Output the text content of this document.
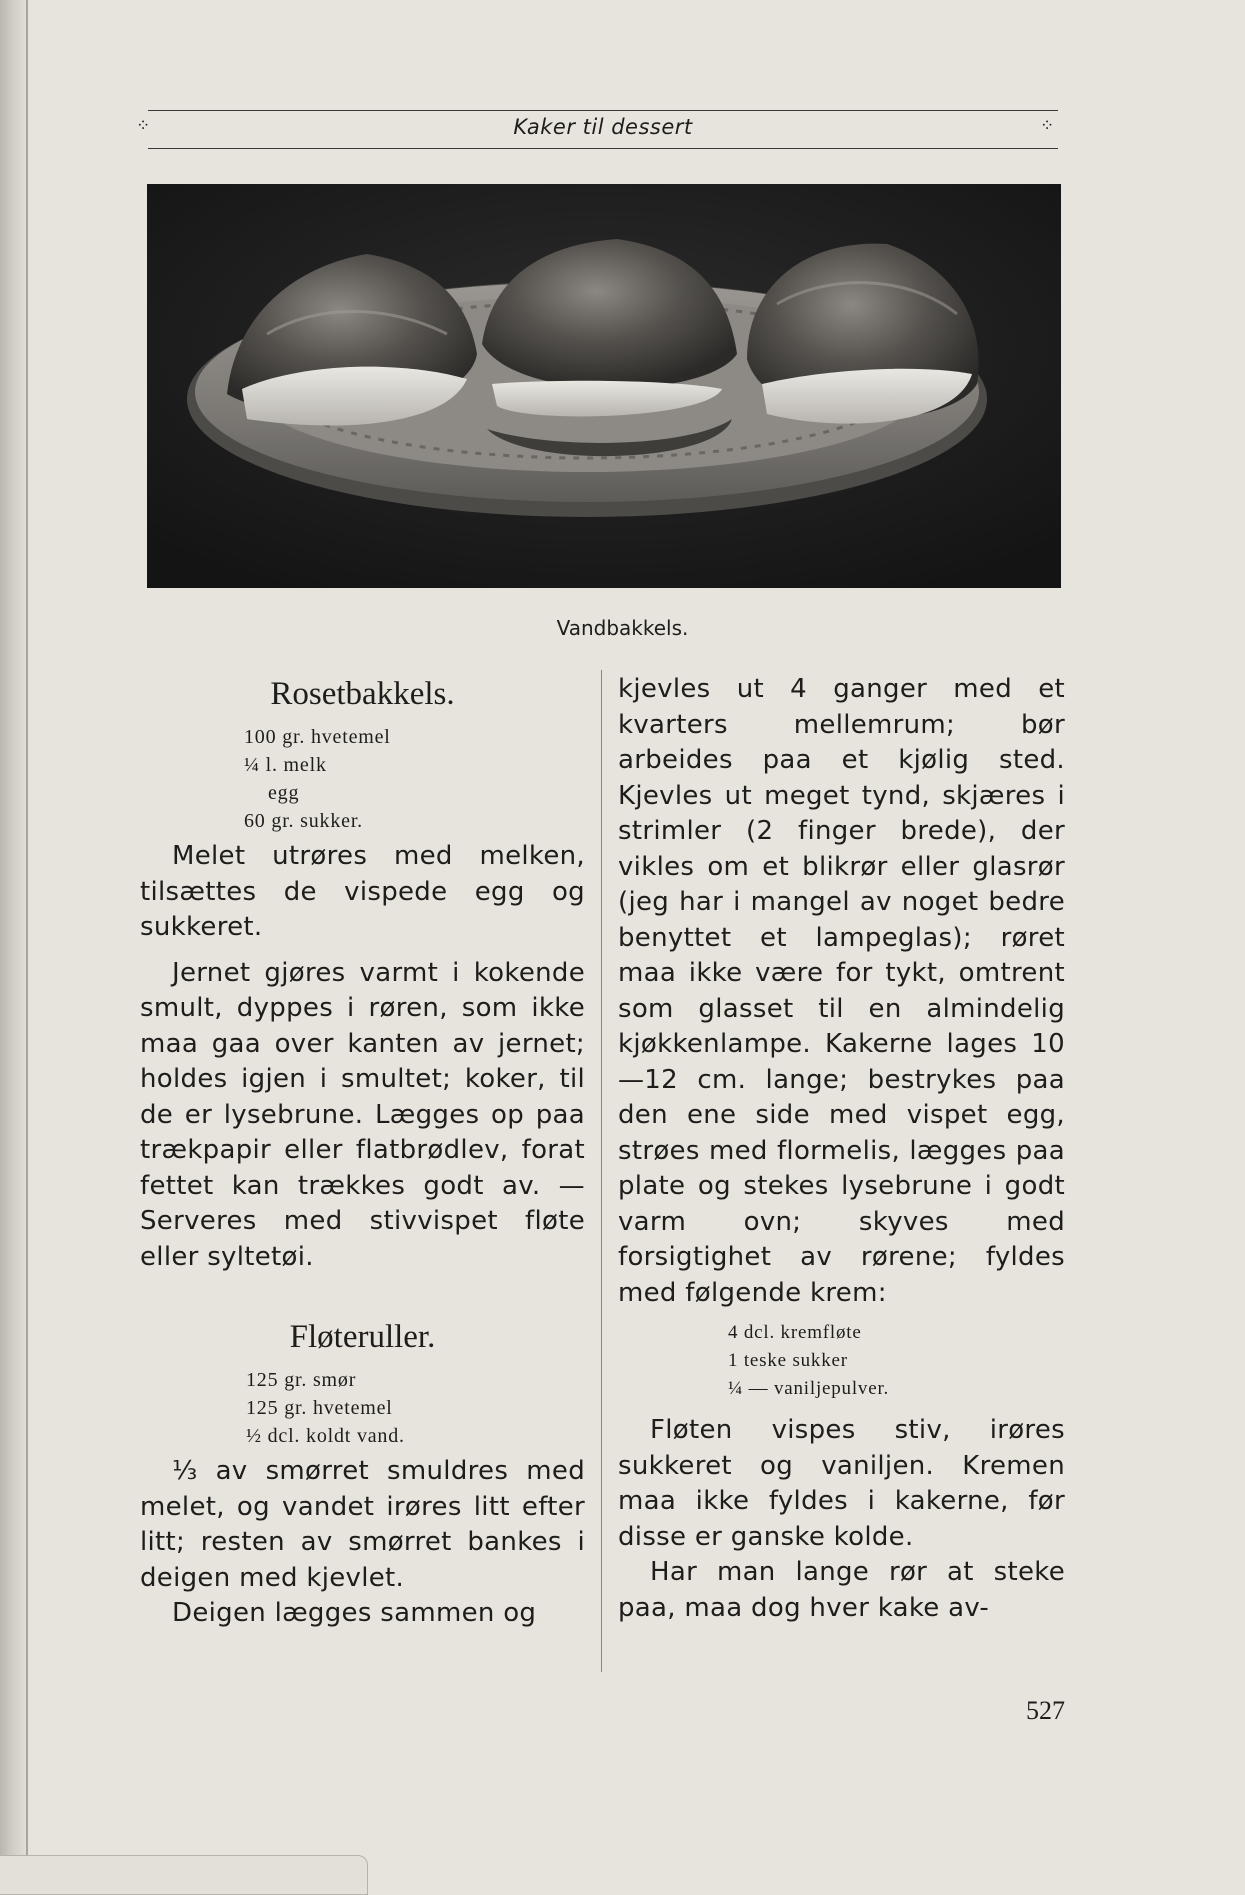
Kaker til dessert
⁘	⁘
Vandbakkels.
Rosetbakkels.
100 gr. hvetemel
¼ l. melk
egg
60 gr. sukker.

Melet utrøres med melken, tilsættes de vispede egg og sukkeret.

Jernet gjøres varmt i kokende smult, dyppes i røren, som ikke maa gaa over kanten av jernet; holdes igjen i smultet; koker, til de er lysebrune. Lægges op paa trækpapir eller flatbrødlev, forat fettet kan trækkes godt av. — Serveres med stivvispet fløte eller syltetøi.

Fløteruller.
125 gr. smør
125 gr. hvetemel
½ dcl. koldt vand.

⅓ av smørret smuldres med melet, og vandet irøres litt efter litt; resten av smørret bankes i deigen med kjevlet.

Deigen lægges sammen og

kjevles ut 4 ganger med et kvarters mellemrum; bør arbeides paa et kjølig sted. Kjevles ut meget tynd, skjæres i strimler (2 finger brede), der vikles om et blikrør eller glasrør (jeg har i mangel av noget bedre benyttet et lampeglas); røret maa ikke være for tykt, omtrent som glasset til en almindelig kjøkkenlampe. Kakerne lages 10—12 cm. lange; bestrykes paa den ene side med vispet egg, strøes med flormelis, lægges paa plate og stekes lysebrune i godt varm ovn; skyves med forsigtighet av rørene; fyldes med følgende krem:

4 dcl. kremfløte
1 teske sukker
¼ — vaniljepulver.

Fløten vispes stiv, irøres sukkeret og vaniljen. Kremen maa ikke fyldes i kakerne, før disse er ganske kolde.

Har man lange rør at steke paa, maa dog hver kake av-

527
